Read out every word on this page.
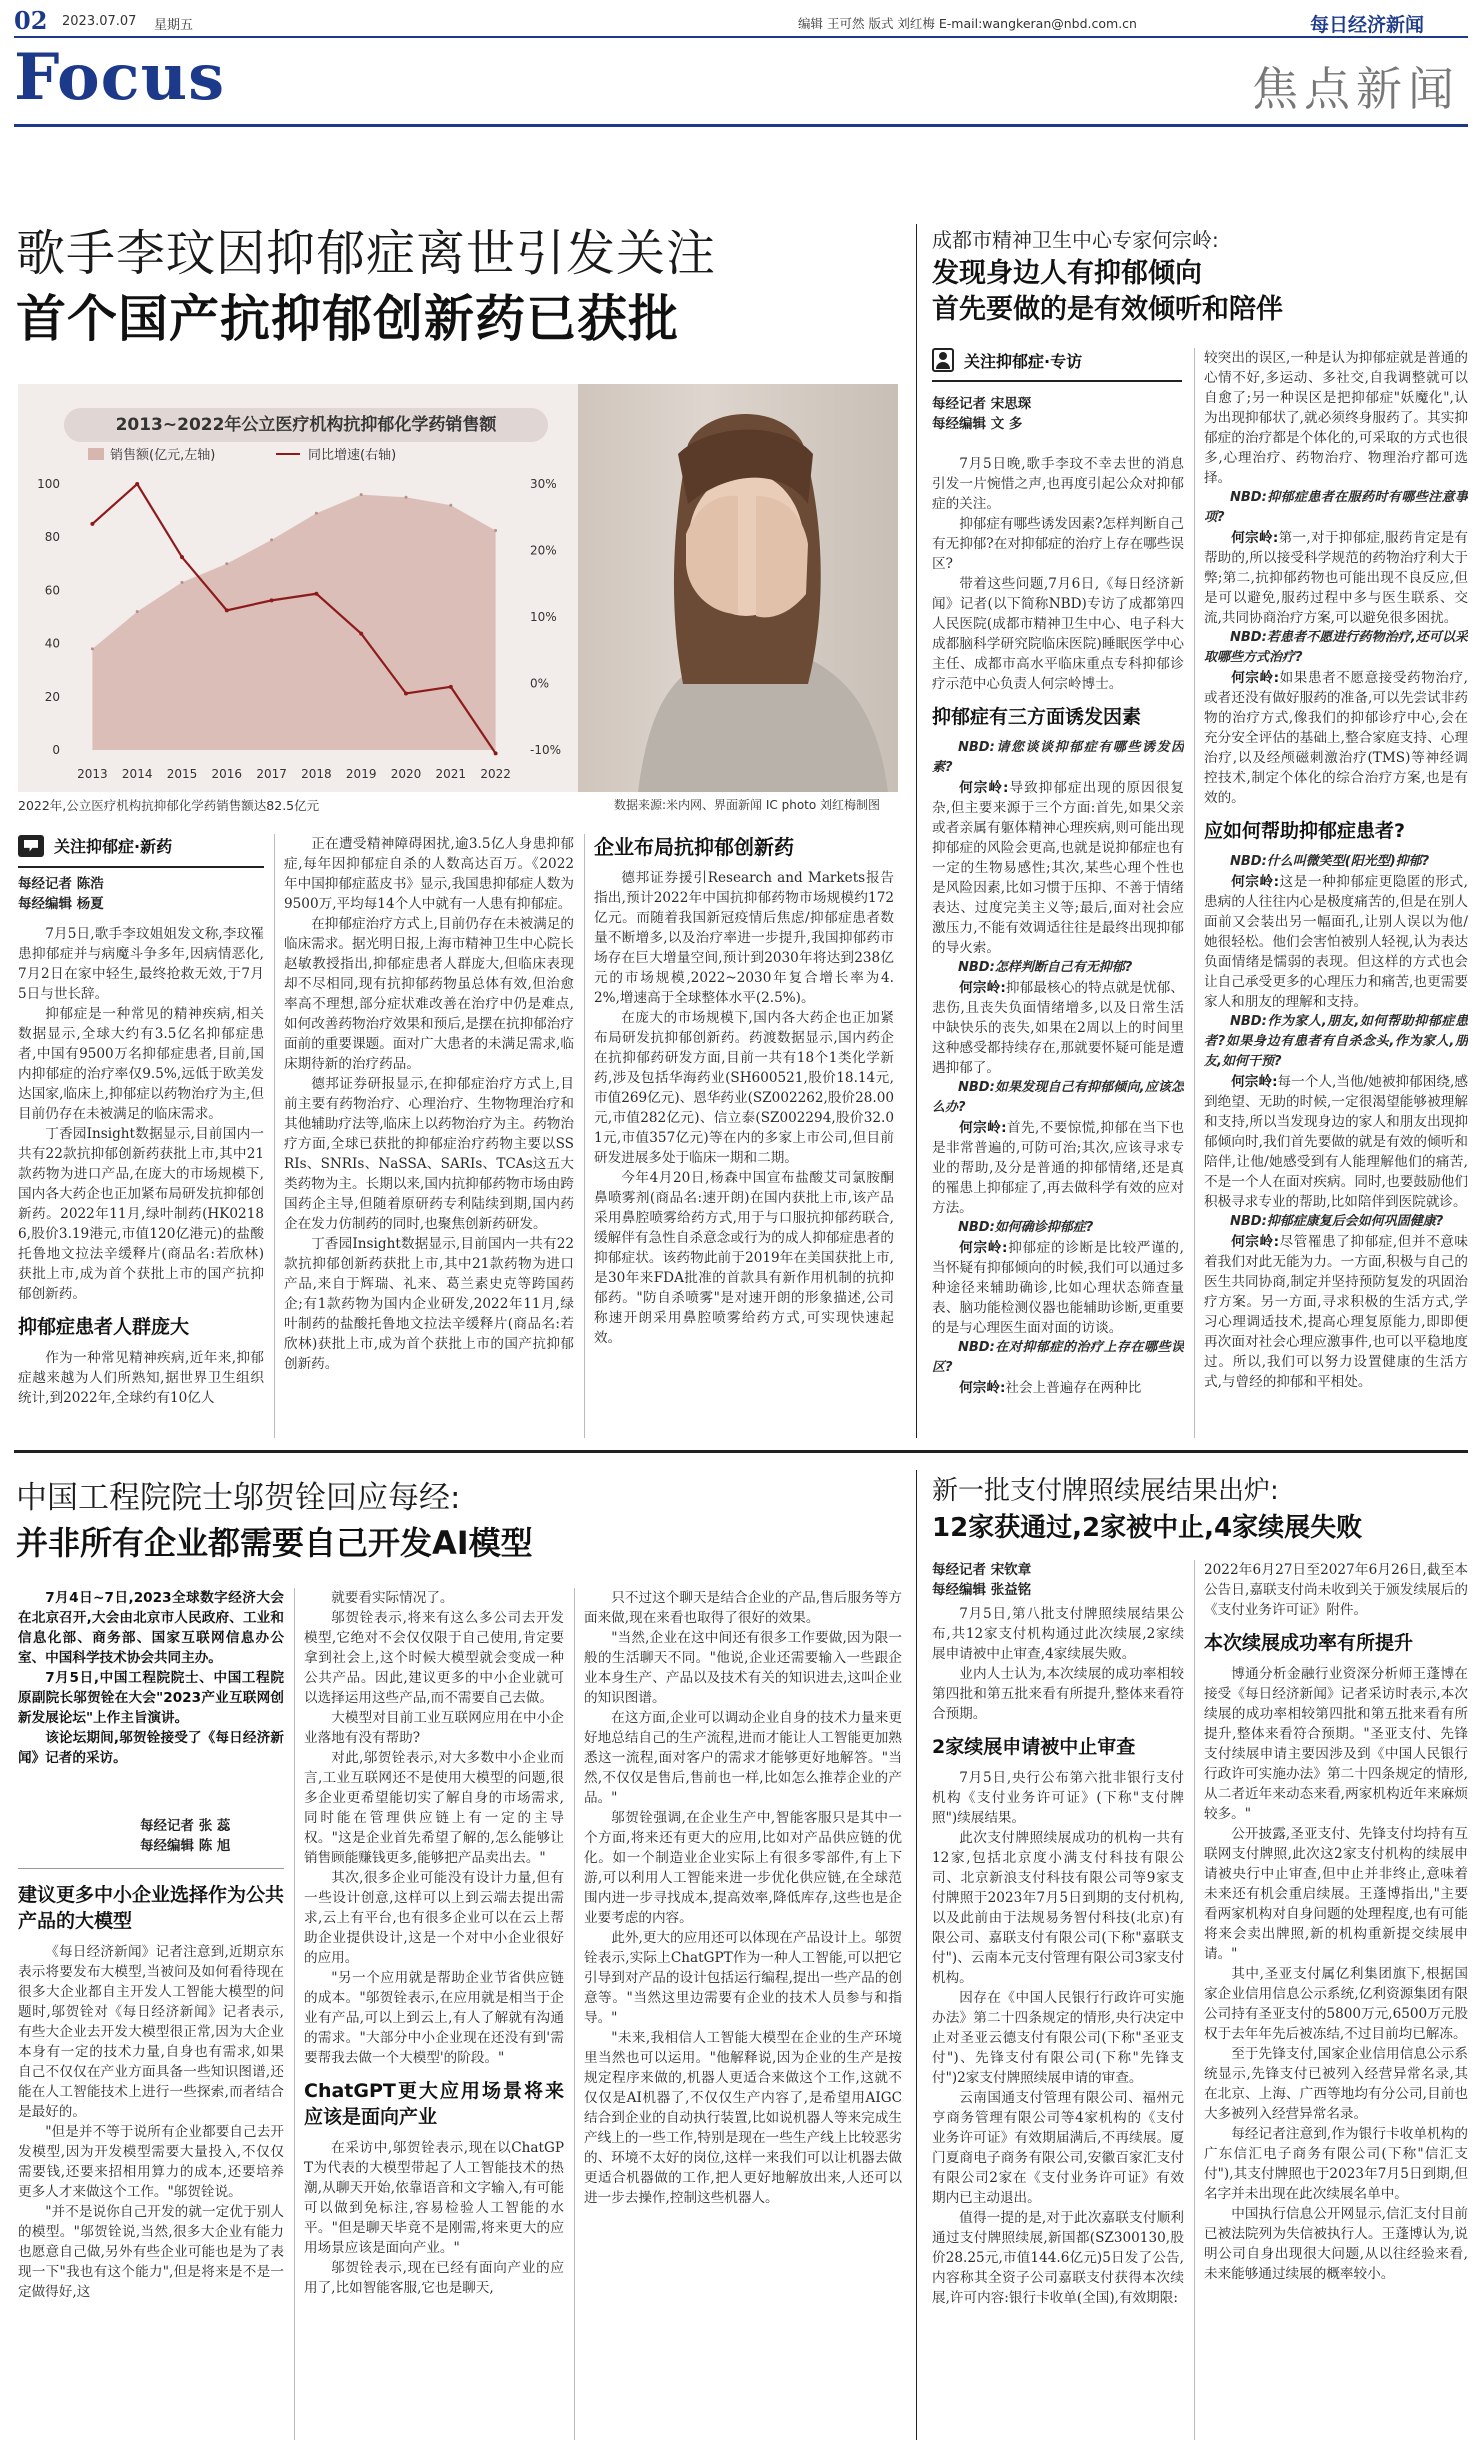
02 2023.07.07 星期五	编辑 王可然 版式 刘红梅 E-mail:wangkeran@nbd.com.cn	每日经济新闻
Focus	焦点新闻
歌手李玟因抑郁症离世引发关注
首个国产抗抑郁创新药已获批
2013~2022年公立医疗机构抗抑郁化学药销售额
销售额(亿元,左轴)	同比增速(右轴)
0
20
40
60
80
100
-10%
0%
10%
20%
30%
2013 2014 2015 2016 2017 2018 2019 2020 2021 2022
2022年,公立医疗机构抗抑郁化学药销售额达82.5亿元	数据来源:米内网、界面新闻 IC photo 刘红梅制图
关注抑郁症·新药
每经记者 陈浩
每经编辑 杨夏

7月5日,歌手李玟姐姐发文称,李玟罹患抑郁症并与病魔斗争多年,因病情恶化,7月2日在家中轻生,最终抢救无效,于7月5日与世长辞。

抑郁症是一种常见的精神疾病,相关数据显示,全球大约有3.5亿名抑郁症患者,中国有9500万名抑郁症患者,目前,国内抑郁症的治疗率仅9.5%,远低于欧美发达国家,临床上,抑郁症以药物治疗为主,但目前仍存在未被满足的临床需求。

丁香园Insight数据显示,目前国内一共有22款抗抑郁创新药获批上市,其中21款药物为进口产品,在庞大的市场规模下,国内各大药企也正加紧布局研发抗抑郁创新药。2022年11月,绿叶制药(HK02186,股价3.19港元,市值120亿港元)的盐酸托鲁地文拉法辛缓释片(商品名:若欣林)获批上市,成为首个获批上市的国产抗抑郁创新药。

抑郁症患者人群庞大

作为一种常见精神疾病,近年来,抑郁症越来越为人们所熟知,据世界卫生组织统计,到2022年,全球约有10亿人

正在遭受精神障碍困扰,逾3.5亿人身患抑郁症,每年因抑郁症自杀的人数高达百万。《2022年中国抑郁症蓝皮书》显示,我国患抑郁症人数为9500万,平均每14个人中就有一人患有抑郁症。

在抑郁症治疗方式上,目前仍存在未被满足的临床需求。据光明日报,上海市精神卫生中心院长赵敏教授指出,抑郁症患者人群庞大,但临床表现却不尽相同,现有抗抑郁药物虽总体有效,但治愈率高不理想,部分症状难改善在治疗中仍是难点,如何改善药物治疗效果和预后,是摆在抗抑郁治疗面前的重要课题。面对广大患者的未满足需求,临床期待新的治疗药品。

德邦证券研报显示,在抑郁症治疗方式上,目前主要有药物治疗、心理治疗、生物物理治疗和其他辅助疗法等,临床上以药物治疗为主。药物治疗方面,全球已获批的抑郁症治疗药物主要以SSRIs、SNRIs、NaSSA、SARIs、TCAs这五大类药物为主。长期以来,国内抗抑郁药物市场由跨国药企主导,但随着原研药专利陆续到期,国内药企在发力仿制药的同时,也聚焦创新药研发。

丁香园Insight数据显示,目前国内一共有22款抗抑郁创新药获批上市,其中21款药物为进口产品,来自于辉瑞、礼来、葛兰素史克等跨国药企;有1款药物为国内企业研发,2022年11月,绿叶制药的盐酸托鲁地文拉法辛缓释片(商品名:若欣林)获批上市,成为首个获批上市的国产抗抑郁创新药。

企业布局抗抑郁创新药

德邦证券援引Research and Markets报告指出,预计2022年中国抗抑郁药物市场规模约172亿元。而随着我国新冠疫情后焦虑/抑郁症患者数量不断增多,以及治疗率进一步提升,我国抑郁药市场存在巨大增量空间,预计到2030年将达到238亿元的市场规模,2022~2030年复合增长率为4.2%,增速高于全球整体水平(2.5%)。

在庞大的市场规模下,国内各大药企也正加紧布局研发抗抑郁创新药。药渡数据显示,国内药企在抗抑郁药研发方面,目前一共有18个1类化学新药,涉及包括华海药业(SH600521,股价18.14元,市值269亿元)、恩华药业(SZ002262,股价28.00元,市值282亿元)、信立泰(SZ002294,股价32.01元,市值357亿元)等在内的多家上市公司,但目前研发进展多处于临床一期和二期。

今年4月20日,杨森中国宣布盐酸艾司氯胺酮鼻喷雾剂(商品名:速开朗)在国内获批上市,该产品采用鼻腔喷雾给药方式,用于与口服抗抑郁药联合,缓解伴有急性自杀意念或行为的成人抑郁症患者的抑郁症状。该药物此前于2019年在美国获批上市,是30年来FDA批准的首款具有新作用机制的抗抑郁药。"防自杀喷雾"是对速开朗的形象描述,公司称速开朗采用鼻腔喷雾给药方式,可实现快速起效。

成都市精神卫生中心专家何宗岭:
发现身边人有抑郁倾向
首先要做的是有效倾听和陪伴
关注抑郁症·专访
每经记者 宋思琛
每经编辑 文 多

7月5日晚,歌手李玟不幸去世的消息引发一片惋惜之声,也再度引起公众对抑郁症的关注。

抑郁症有哪些诱发因素?怎样判断自己有无抑郁?在对抑郁症的治疗上存在哪些误区?

带着这些问题,7月6日,《每日经济新闻》记者(以下简称NBD)专访了成都第四人民医院(成都市精神卫生中心、电子科大成都脑科学研究院临床医院)睡眠医学中心主任、成都市高水平临床重点专科抑郁诊疗示范中心负责人何宗岭博士。

抑郁症有三方面诱发因素

NBD:请您谈谈抑郁症有哪些诱发因素?

何宗岭:导致抑郁症出现的原因很复杂,但主要来源于三个方面:首先,如果父亲或者亲属有躯体精神心理疾病,则可能出现抑郁症的风险会更高,也就是说抑郁症也有一定的生物易感性;其次,某些心理个性也是风险因素,比如习惯于压抑、不善于情绪表达、过度完美主义等;最后,面对社会应激压力,不能有效调适往往是最终出现抑郁的导火索。

NBD:怎样判断自己有无抑郁?

何宗岭:抑郁最核心的特点就是忧郁、悲伤,且丧失负面情绪增多,以及日常生活中缺快乐的丧失,如果在2周以上的时间里这种感受都持续存在,那就要怀疑可能是遭遇抑郁了。

NBD:如果发现自己有抑郁倾向,应该怎么办?

何宗岭:首先,不要惊慌,抑郁在当下也是非常普遍的,可防可治;其次,应该寻求专业的帮助,及分是普通的抑郁情绪,还是真的罹患上抑郁症了,再去做科学有效的应对方法。

NBD:如何确诊抑郁症?

何宗岭:抑郁症的诊断是比较严谨的,当怀疑有抑郁倾向的时候,我们可以通过多种途径来辅助确诊,比如心理状态筛查量表、脑功能检测仪器也能辅助诊断,更重要的是与心理医生面对面的访谈。

NBD:在对抑郁症的治疗上存在哪些误区?

何宗岭:社会上普遍存在两种比

较突出的误区,一种是认为抑郁症就是普通的心情不好,多运动、多社交,自我调整就可以自愈了;另一种误区是把抑郁症"妖魔化",认为出现抑郁状了,就必须终身服药了。其实抑郁症的治疗都是个体化的,可采取的方式也很多,心理治疗、药物治疗、物理治疗都可选择。

NBD:抑郁症患者在服药时有哪些注意事项?

何宗岭:第一,对于抑郁症,服药肯定是有帮助的,所以接受科学规范的药物治疗利大于弊;第二,抗抑郁药物也可能出现不良反应,但是可以避免,服药过程中多与医生联系、交流,共同协商治疗方案,可以避免很多困扰。

NBD:若患者不愿进行药物治疗,还可以采取哪些方式治疗?

何宗岭:如果患者不愿意接受药物治疗,或者还没有做好服药的准备,可以先尝试非药物的治疗方式,像我们的抑郁诊疗中心,会在充分安全评估的基础上,整合家庭支持、心理治疗,以及经颅磁刺激治疗(TMS)等神经调控技术,制定个体化的综合治疗方案,也是有效的。

应如何帮助抑郁症患者?

NBD:什么叫微笑型(阳光型)抑郁?

何宗岭:这是一种抑郁症更隐匿的形式,患病的人往往内心是极度痛苦的,但是在别人面前又会装出另一幅面孔,让别人误以为他/她很轻松。他们会害怕被别人轻视,认为表达负面情绪是懦弱的表现。但这样的方式也会让自己承受更多的心理压力和痛苦,也更需要家人和朋友的理解和支持。

NBD:作为家人,朋友,如何帮助抑郁症患者?如果身边有患者有自杀念头,作为家人,朋友,如何干预?

何宗岭:每一个人,当他/她被抑郁困绕,感到绝望、无助的时候,一定很渴望能够被理解和支持,所以当发现身边的家人和朋友出现抑郁倾向时,我们首先要做的就是有效的倾听和陪伴,让他/她感受到有人能理解他们的痛苦,不是一个人在面对疾病。同时,也要鼓励他们积极寻求专业的帮助,比如陪伴到医院就诊。

NBD:抑郁症康复后会如何巩固健康?

何宗岭:尽管罹患了抑郁症,但并不意味着我们对此无能为力。一方面,积极与自己的医生共同协商,制定并坚持预防复发的巩固治疗方案。另一方面,寻求积极的生活方式,学习心理调适技术,提高心理复原能力,即即便再次面对社会心理应激事件,也可以平稳地度过。所以,我们可以努力设置健康的生活方式,与曾经的抑郁和平相处。

中国工程院院士邬贺铨回应每经:
并非所有企业都需要自己开发AI模型

7月4日~7日,2023全球数字经济大会在北京召开,大会由北京市人民政府、工业和信息化部、商务部、国家互联网信息办公室、中国科学技术协会共同主办。

7月5日,中国工程院院士、中国工程院原副院长邬贺铨在大会"2023产业互联网创新发展论坛"上作主旨演讲。

该论坛期间,邬贺铨接受了《每日经济新闻》记者的采访。

每经记者 张 蕊
每经编辑 陈 旭
建议更多中小企业选择作为公共产品的大模型

《每日经济新闻》记者注意到,近期京东表示将要发布大模型,当被问及如何看待现在很多大企业都自主开发人工智能大模型的问题时,邬贺铨对《每日经济新闻》记者表示,有些大企业去开发大模型很正常,因为大企业本身有一定的技术力量,自身也有需求,如果自己不仅仅在产业方面具备一些知识图谱,还能在人工智能技术上进行一些探索,而者结合是最好的。

"但是并不等于说所有企业都要自己去开发模型,因为开发模型需要大量投入,不仅仅需要钱,还要来招相用算力的成本,还要培养更多人才来做这个工作。"邬贺铨说。

"并不是说你自己开发的就一定优于别人的模型。"邬贺铨说,当然,很多大企业有能力也愿意自己做,另外有些企业可能也是为了表现一下"我也有这个能力",但是将来是不是一定做得好,这

就要看实际情况了。

邬贺铨表示,将来有这么多公司去开发模型,它绝对不会仅仅限于自己使用,肯定要拿到社会上,这个时候大模型就会变成一种公共产品。因此,建议更多的中小企业就可以选择运用这些产品,而不需要自己去做。

大模型对目前工业互联网应用在中小企业落地有没有帮助?

对此,邬贺铨表示,对大多数中小企业而言,工业互联网还不是使用大模型的问题,很多企业更希望能切实了解自身的市场需求,同时能在管理供应链上有一定的主导权。"这是企业首先希望了解的,怎么能够让销售顾能赚钱更多,能够把产品卖出去。"

其次,很多企业可能没有设计力量,但有一些设计创意,这样可以上到云端去提出需求,云上有平台,也有很多企业可以在云上帮助企业提供设计,这是一个对中小企业很好的应用。

"另一个应用就是帮助企业节省供应链的成本。"邬贺铨表示,在应用就是相当于企业有产品,可以上到云上,有人了解就有沟通的需求。"大部分中小企业现在还没有到'需要帮我去做一个大模型'的阶段。"

ChatGPT更大应用场景将来应该是面向产业

在采访中,邬贺铨表示,现在以ChatGPT为代表的大模型带起了人工智能技术的热潮,从聊天开始,依靠语音和文字输入,有可能可以做到免标注,容易检验人工智能的水平。"但是聊天毕竟不是刚需,将来更大的应用场景应该是面向产业。"

邬贺铨表示,现在已经有面向产业的应用了,比如智能客服,它也是聊天,

只不过这个聊天是结合企业的产品,售后服务等方面来做,现在来看也取得了很好的效果。

"当然,企业在这中间还有很多工作要做,因为限一般的生活聊天不同。"他说,企业还需要输入一些跟企业本身生产、产品以及技术有关的知识进去,这叫企业的知识图谱。

在这方面,企业可以调动企业自身的技术力量来更好地总结自己的生产流程,进而才能让人工智能更加熟悉这一流程,面对客户的需求才能够更好地解答。"当然,不仅仅是售后,售前也一样,比如怎么推荐企业的产品。"

邬贺铨强调,在企业生产中,智能客服只是其中一个方面,将来还有更大的应用,比如对产品供应链的优化。如一个制造业企业实际上有很多零部件,有上下游,可以利用人工智能来进一步优化供应链,在全球范围内进一步寻找成本,提高效率,降低库存,这些也是企业要考虑的内容。

此外,更大的应用还可以体现在产品设计上。邬贺铨表示,实际上ChatGPT作为一种人工智能,可以把它引导到对产品的设计包括运行编程,提出一些产品的创意等。"当然这里边需要有企业的技术人员参与和指导。"

"未来,我相信人工智能大模型在企业的生产环境里当然也可以运用。"他解释说,因为企业的生产是按规定程序来做的,机器人更适合来做这个工作,这就不仅仅是AI机器了,不仅仅生产内容了,是希望用AIGC结合到企业的自动执行装置,比如说机器人等来完成生产线上的一些工作,特别是现在一些生产线上比较恶劣的、环境不太好的岗位,这样一来我们可以让机器去做更适合机器做的工作,把人更好地解放出来,人还可以进一步去操作,控制这些机器人。

新一批支付牌照续展结果出炉:
12家获通过,2家被中止,4家续展失败
每经记者 宋钦章
每经编辑 张益铭

7月5日,第八批支付牌照续展结果公布,共12家支付机构通过此次续展,2家续展申请被中止审查,4家续展失败。

业内人士认为,本次续展的成功率相较第四批和第五批来看有所提升,整体来看符合预期。

2家续展申请被中止审查

7月5日,央行公布第六批非银行支付机构《支付业务许可证》(下称"支付牌照")续展结果。

此次支付牌照续展成功的机构一共有12家,包括北京度小满支付科技有限公司、北京新浪支付科技有限公司等9家支付牌照于2023年7月5日到期的支付机构,以及此前由于法规易务智付科技(北京)有限公司、嘉联支付有限公司(下称"嘉联支付")、云南本元支付管理有限公司3家支付机构。

因存在《中国人民银行行政许可实施办法》第二十四条规定的情形,央行决定中止对圣亚云德支付有限公司(下称"圣亚支付")、先锋支付有限公司(下称"先锋支付")2家支付牌照续展申请的审查。

云南国通支付管理有限公司、福州元亨商务管理有限公司等4家机构的《支付业务许可证》有效期届满后,不再续展。厦门夏商电子商务有限公司,安徽百家汇支付有限公司2家在《支付业务许可证》有效期内已主动退出。

值得一提的是,对于此次嘉联支付顺利通过支付牌照续展,新国都(SZ300130,股价28.25元,市值144.6亿元)5日发了公告,内容称其全资子公司嘉联支付获得本次续展,许可内容:银行卡收单(全国),有效期限:

2022年6月27日至2027年6月26日,截至本公告日,嘉联支付尚未收到关于颁发续展后的《支付业务许可证》附件。

本次续展成功率有所提升

博通分析金融行业资深分析师王蓬博在接受《每日经济新闻》记者采访时表示,本次续展的成功率相较第四批和第五批来看有所提升,整体来看符合预期。"圣亚支付、先锋支付续展申请主要因涉及到《中国人民银行行政许可实施办法》第二十四条规定的情形,从二者近年来动态来看,两家机构近年来麻烦较多。"

公开披露,圣亚支付、先锋支付均持有互联网支付牌照,此次这2家支付机构的续展申请被央行中止审查,但中止并非终止,意味着未来还有机会重启续展。王蓬博指出,"主要看两家机构对自身问题的处理程度,也有可能将来会卖出牌照,新的机构重新提交续展申请。"

其中,圣亚支付属亿利集团旗下,根据国家企业信用信息公示系统,亿利资源集团有限公司持有圣亚支付的5800万元,6500万元股权于去年年先后被冻结,不过目前均已解冻。

至于先锋支付,国家企业信用信息公示系统显示,先锋支付已被列入经营异常名录,其在北京、上海、广西等地均有分公司,目前也大多被列入经营异常名录。

每经记者注意到,作为银行卡收单机构的广东信汇电子商务有限公司(下称"信汇支付"),其支付牌照也于2023年7月5日到期,但名字并未出现在此次续展名单中。

中国执行信息公开网显示,信汇支付目前已被法院列为失信被执行人。王蓬博认为,说明公司自身出现很大问题,从以往经验来看,未来能够通过续展的概率较小。
